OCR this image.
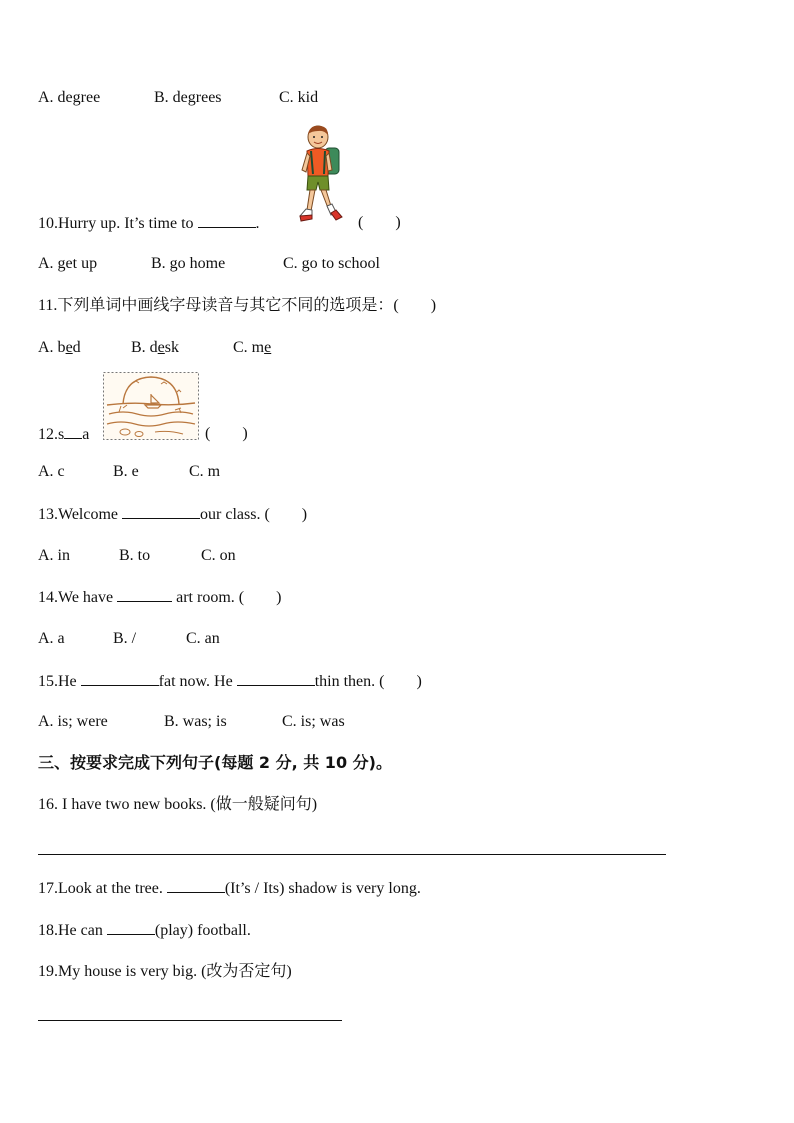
A. degree	B. degrees	C. kid
10.Hurry up. It’s time to	.	(　　)
A. get up	B. go home	C. go to school
11.下列单词中画线字母读音与其它不同的选项是：(　　)
A. bed	B. desk	C. me
12.s a	(　　)
A. c	B. e	C. m
13.Welcome	our class. (　　)
A. in	B. to	C. on
14.We have	art room. (　　)
A. a	B. /	C. an
15.He	fat now. He	thin then. (　　)
A. is; were	B. was; is	C. is; was
三、按要求完成下列句子(每题 2 分, 共 10 分)。
16. I have two new books. (做一般疑问句)
17.Look at the tree.	(It’s / Its) shadow is very long.
18.He can	(play) football.
19.My house is very big. (改为否定句)
